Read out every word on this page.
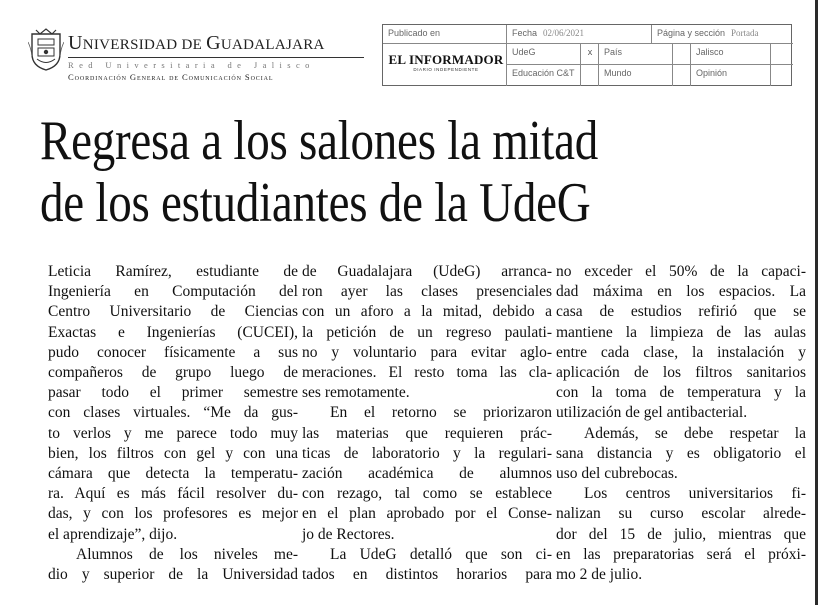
UNIVERSIDAD DE GUADALAJARA
Red Universitaria de Jalisco
Coordinación General de Comunicación Social
Publicado en	Fecha 02/06/2021	Página y sección Portada
EL INFORMADOR
DIARIO INDEPENDIENTE
UdeG	x	País	Jalisco
Educación C&T	Mundo	Opinión
Regresa a los salones la mitad
de los estudiantes de la UdeG
Leticia Ramírez, estudiante de
Ingeniería en Computación del
Centro Universitario de Ciencias
Exactas e Ingenierías (CUCEI),
pudo conocer físicamente a sus
compañeros de grupo luego de
pasar todo el primer semestre
con clases virtuales. “Me da gus-
to verlos y me parece todo muy
bien, los filtros con gel y con una
cámara que detecta la temperatu-
ra. Aquí es más fácil resolver du-
das, y con los profesores es mejor
el aprendizaje”, dijo.
Alumnos de los niveles me-
dio y superior de la Universidad
de Guadalajara (UdeG) arranca-
ron ayer las clases presenciales
con un aforo a la mitad, debido a
la petición de un regreso paulati-
no y voluntario para evitar aglo-
meraciones. El resto toma las cla-
ses remotamente.
En el retorno se priorizaron
las materias que requieren prác-
ticas de laboratorio y la regulari-
zación académica de alumnos
con rezago, tal como se establece
en el plan aprobado por el Conse-
jo de Rectores.
La UdeG detalló que son ci-
tados en distintos horarios para
no exceder el 50% de la capaci-
dad máxima en los espacios. La
casa de estudios refirió que se
mantiene la limpieza de las aulas
entre cada clase, la instalación y
aplicación de los filtros sanitarios
con la toma de temperatura y la
utilización de gel antibacterial.
Además, se debe respetar la
sana distancia y es obligatorio el
uso del cubrebocas.
Los centros universitarios fi-
nalizan su curso escolar alrede-
dor del 15 de julio, mientras que
en las preparatorias será el próxi-
mo 2 de julio.
